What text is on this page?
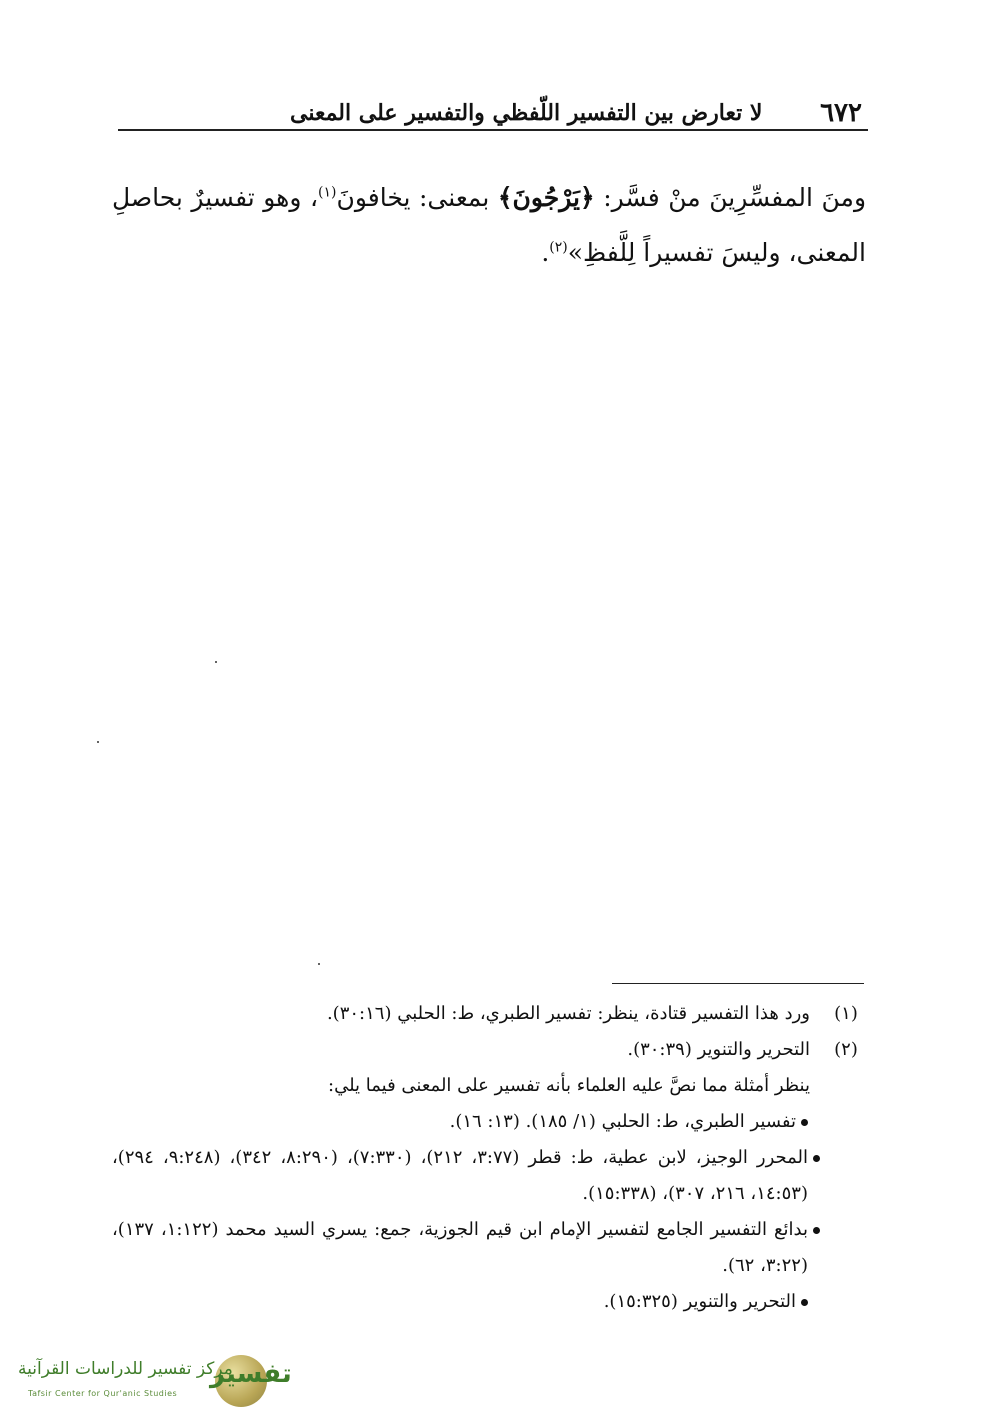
٦٧٢
لا تعارض بين التفسير اللّفظي والتفسير على المعنى
ومنَ المفسِّرِينَ منْ فسَّر: ﴿يَرْجُونَ﴾ بمعنى: يخافونَ$^{(١)}$، وهو تفسيرٌ بحاصلِ المعنى، وليسَ تفسيراً لِلَّفظِ»$^{(٢)}$.
(١)
ورد هذا التفسير قتادة، ينظر: تفسير الطبري، ط: الحلبي (٣٠:١٦).
(٢)
التحرير والتنوير (٣٠:٣٩).
ينظر أمثلة مما نصَّ عليه العلماء بأنه تفسير على المعنى فيما يلي:
تفسير الطبري، ط: الحلبي (١/ ١٨٥). (١٣: ١٦).
المحرر الوجيز، لابن عطية، ط: قطر (٣:٧٧، ٢١٢)، (٧:٣٣٠)، (٨:٢٩٠، ٣٤٢)، (٩:٢٤٨، ٢٩٤)، (١٤:٥٣، ٢١٦، ٣٠٧)، (١٥:٣٣٨).
بدائع التفسير الجامع لتفسير الإمام ابن قيم الجوزية، جمع: يسري السيد محمد (١:١٢٢، ١٣٧)، (٣:٢٢، ٦٢).
التحرير والتنوير (١٥:٣٢٥).
تفسير
مركز تفسير للدراسات القرآنية
Tafsir Center for Qur'anic Studies
